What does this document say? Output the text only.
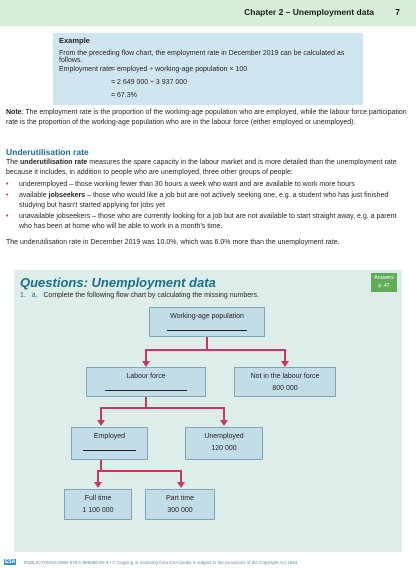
Chapter 2 – Unemployment data	7
Example
From the preceding flow chart, the employment rate in December 2019 can be calculated as follows.
Employment rate = employed ÷ working-age population × 100
= 2 649 000 ÷ 3 937 000
= 67.3%
Note: The employment rate is the proportion of the working-age population who are employed, while the labour force participation rate is the proportion of the working-age population who are in the labour force (either employed or unemployed).
Underutilisation rate
The underutilisation rate measures the spare capacity in the labour market and is more detailed than the unemployment rate because it includes, in addition to people who are unemployed, three other groups of people:
• underemployed – those working fewer than 30 hours a week who want and are available to work more hours
• available jobseekers – those who would like a job but are not actively seeking one, e.g. a student who has just finished studying but hasn’t started applying for jobs yet
• unavailable jobseekers – those who are currently looking for a job but are not available to start straight away, e.g. a parent who has been at home who will be able to work in a month’s time.
The underutilisation rate in December 2019 was 10.0%, which was 6.0% more than the unemployment rate.
Questions: Unemployment data	Answers
p. 47
1. a. Complete the following flow chart by calculating the missing numbers.
Working-age population
Labour force	Not in the labour force
800 000
Employed	Unemployed
120 000
Full time
1 100 000
Part time
300 000
ESA PUBLICATIONS ISBN 978-1-988586-91-3 • © Copying or scanning from ESA books is subject to the provisions of the Copyright Act 1994
